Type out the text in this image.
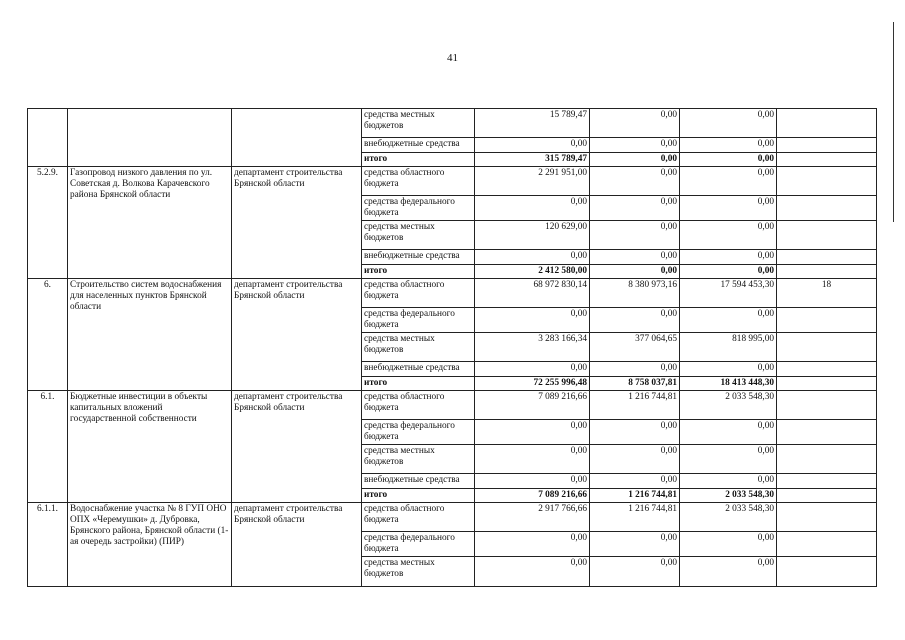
41
			средства местных бюджетов	15 789,47	0,00	0,00	
			внебюджетные средства	0,00	0,00	0,00	
			итого	315 789,47	0,00	0,00	
5.2.9.	Газопровод низкого давления по ул. Советская д. Волкова Карачевского района Брянской области	департамент строительства Брянской области	средства областного бюджета	2 291 951,00	0,00	0,00	
			средства федерального бюджета	0,00	0,00	0,00	
			средства местных бюджетов	120 629,00	0,00	0,00	
			внебюджетные средства	0,00	0,00	0,00	
			итого	2 412 580,00	0,00	0,00	
6.	Строительство систем водоснабжения для населенных пунктов Брянской области	департамент строительства Брянской области	средства областного бюджета	68 972 830,14	8 380 973,16	17 594 453,30	18
			средства федерального бюджета	0,00	0,00	0,00	
			средства местных бюджетов	3 283 166,34	377 064,65	818 995,00	
			внебюджетные средства	0,00	0,00	0,00	
			итого	72 255 996,48	8 758 037,81	18 413 448,30	
6.1.	Бюджетные инвестиции в объекты капитальных вложений государственной собственности	департамент строительства Брянской области	средства областного бюджета	7 089 216,66	1 216 744,81	2 033 548,30	
			средства федерального бюджета	0,00	0,00	0,00	
			средства местных бюджетов	0,00	0,00	0,00	
			внебюджетные средства	0,00	0,00	0,00	
			итого	7 089 216,66	1 216 744,81	2 033 548,30	
6.1.1.	Водоснабжение участка № 8 ГУП ОНО ОПХ «Черемушки» д. Дубровка, Брянского района, Брянской области (1-ая очередь застройки) (ПИР)	департамент строительства Брянской области	средства областного бюджета	2 917 766,66	1 216 744,81	2 033 548,30	
			средства федерального бюджета	0,00	0,00	0,00	
			средства местных бюджетов	0,00	0,00	0,00	
